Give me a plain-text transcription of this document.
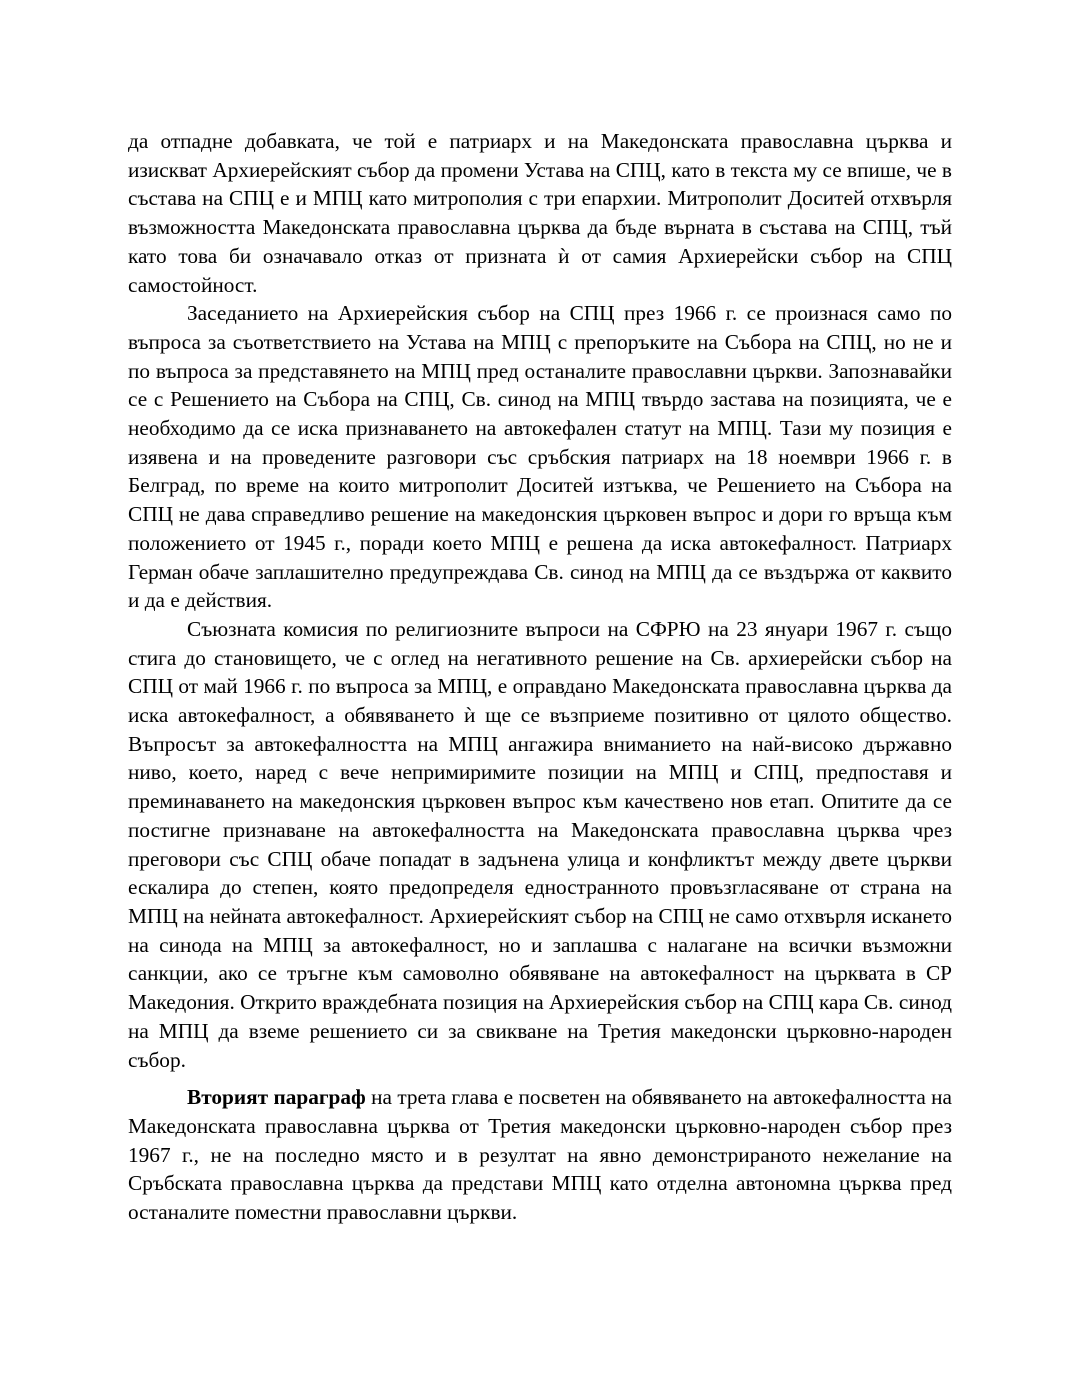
да отпадне добавката, че той е патриарх и на Македонската православна църква и изискват Архиерейският събор да промени Устава на СПЦ, като в текста му се впише, че в състава на СПЦ е и МПЦ като митрополия с три епархии. Митрополит Доситей отхвърля възможността Македонската православна църква да бъде върната в състава на СПЦ, тъй като това би означавало отказ от призната ѝ от самия Архиерейски събор на СПЦ самостойност.

Заседанието на Архиерейския събор на СПЦ през 1966 г. се произнася само по въпроса за съответствието на Устава на МПЦ с препоръките на Събора на СПЦ, но не и по въпроса за представянето на МПЦ пред останалите православни църкви. Запознавайки се с Решението на Събора на СПЦ, Св. синод на МПЦ твърдо застава на позицията, че е необходимо да се иска признаването на автокефален статут на МПЦ. Тази му позиция е изявена и на проведените разговори със сръбския патриарх на 18 ноември 1966 г. в Белград, по време на които митрополит Доситей изтъква, че Решението на Събора на СПЦ не дава справедливо решение на македонския църковен въпрос и дори го връща към положението от 1945 г., поради което МПЦ е решена да иска автокефалност. Патриарх Герман обаче заплашително предупреждава Св. синод на МПЦ да се въздържа от каквито и да е действия.

Съюзната комисия по религиозните въпроси на СФРЮ на 23 януари 1967 г. също стига до становището, че с оглед на негативното решение на Св. архиерейски събор на СПЦ от май 1966 г. по въпроса за МПЦ, е оправдано Македонската православна църква да иска автокефалност, а обявяването ѝ ще се възприеме позитивно от цялото общество. Въпросът за автокефалността на МПЦ ангажира вниманието на най-високо държавно ниво, което, наред с вече непримиримите позиции на МПЦ и СПЦ, предпоставя и преминаването на македонския църковен въпрос към качествено нов етап. Опитите да се постигне признаване на автокефалността на Македонската православна църква чрез преговори със СПЦ обаче попадат в задънена улица и конфликтът между двете църкви ескалира до степен, която предопределя едностранното провъзгласяване от страна на МПЦ на нейната автокефалност. Архиерейският събор на СПЦ не само отхвърля искането на синода на МПЦ за автокефалност, но и заплашва с налагане на всички възможни санкции, ако се тръгне към самоволно обявяване на автокефалност на църквата в СР Македония. Открито враждебната позиция на Архиерейския събор на СПЦ кара Св. синод на МПЦ да вземе решението си за свикване на Третия македонски църковно-народен събор.

Вторият параграф на трета глава е посветен на обявяването на автокефалността на Македонската православна църква от Третия македонски църковно-народен събор през 1967 г., не на последно място и в резултат на явно демонстрираното нежелание на Сръбската православна църква да представи МПЦ като отделна автономна църква пред останалите поместни православни църкви.
